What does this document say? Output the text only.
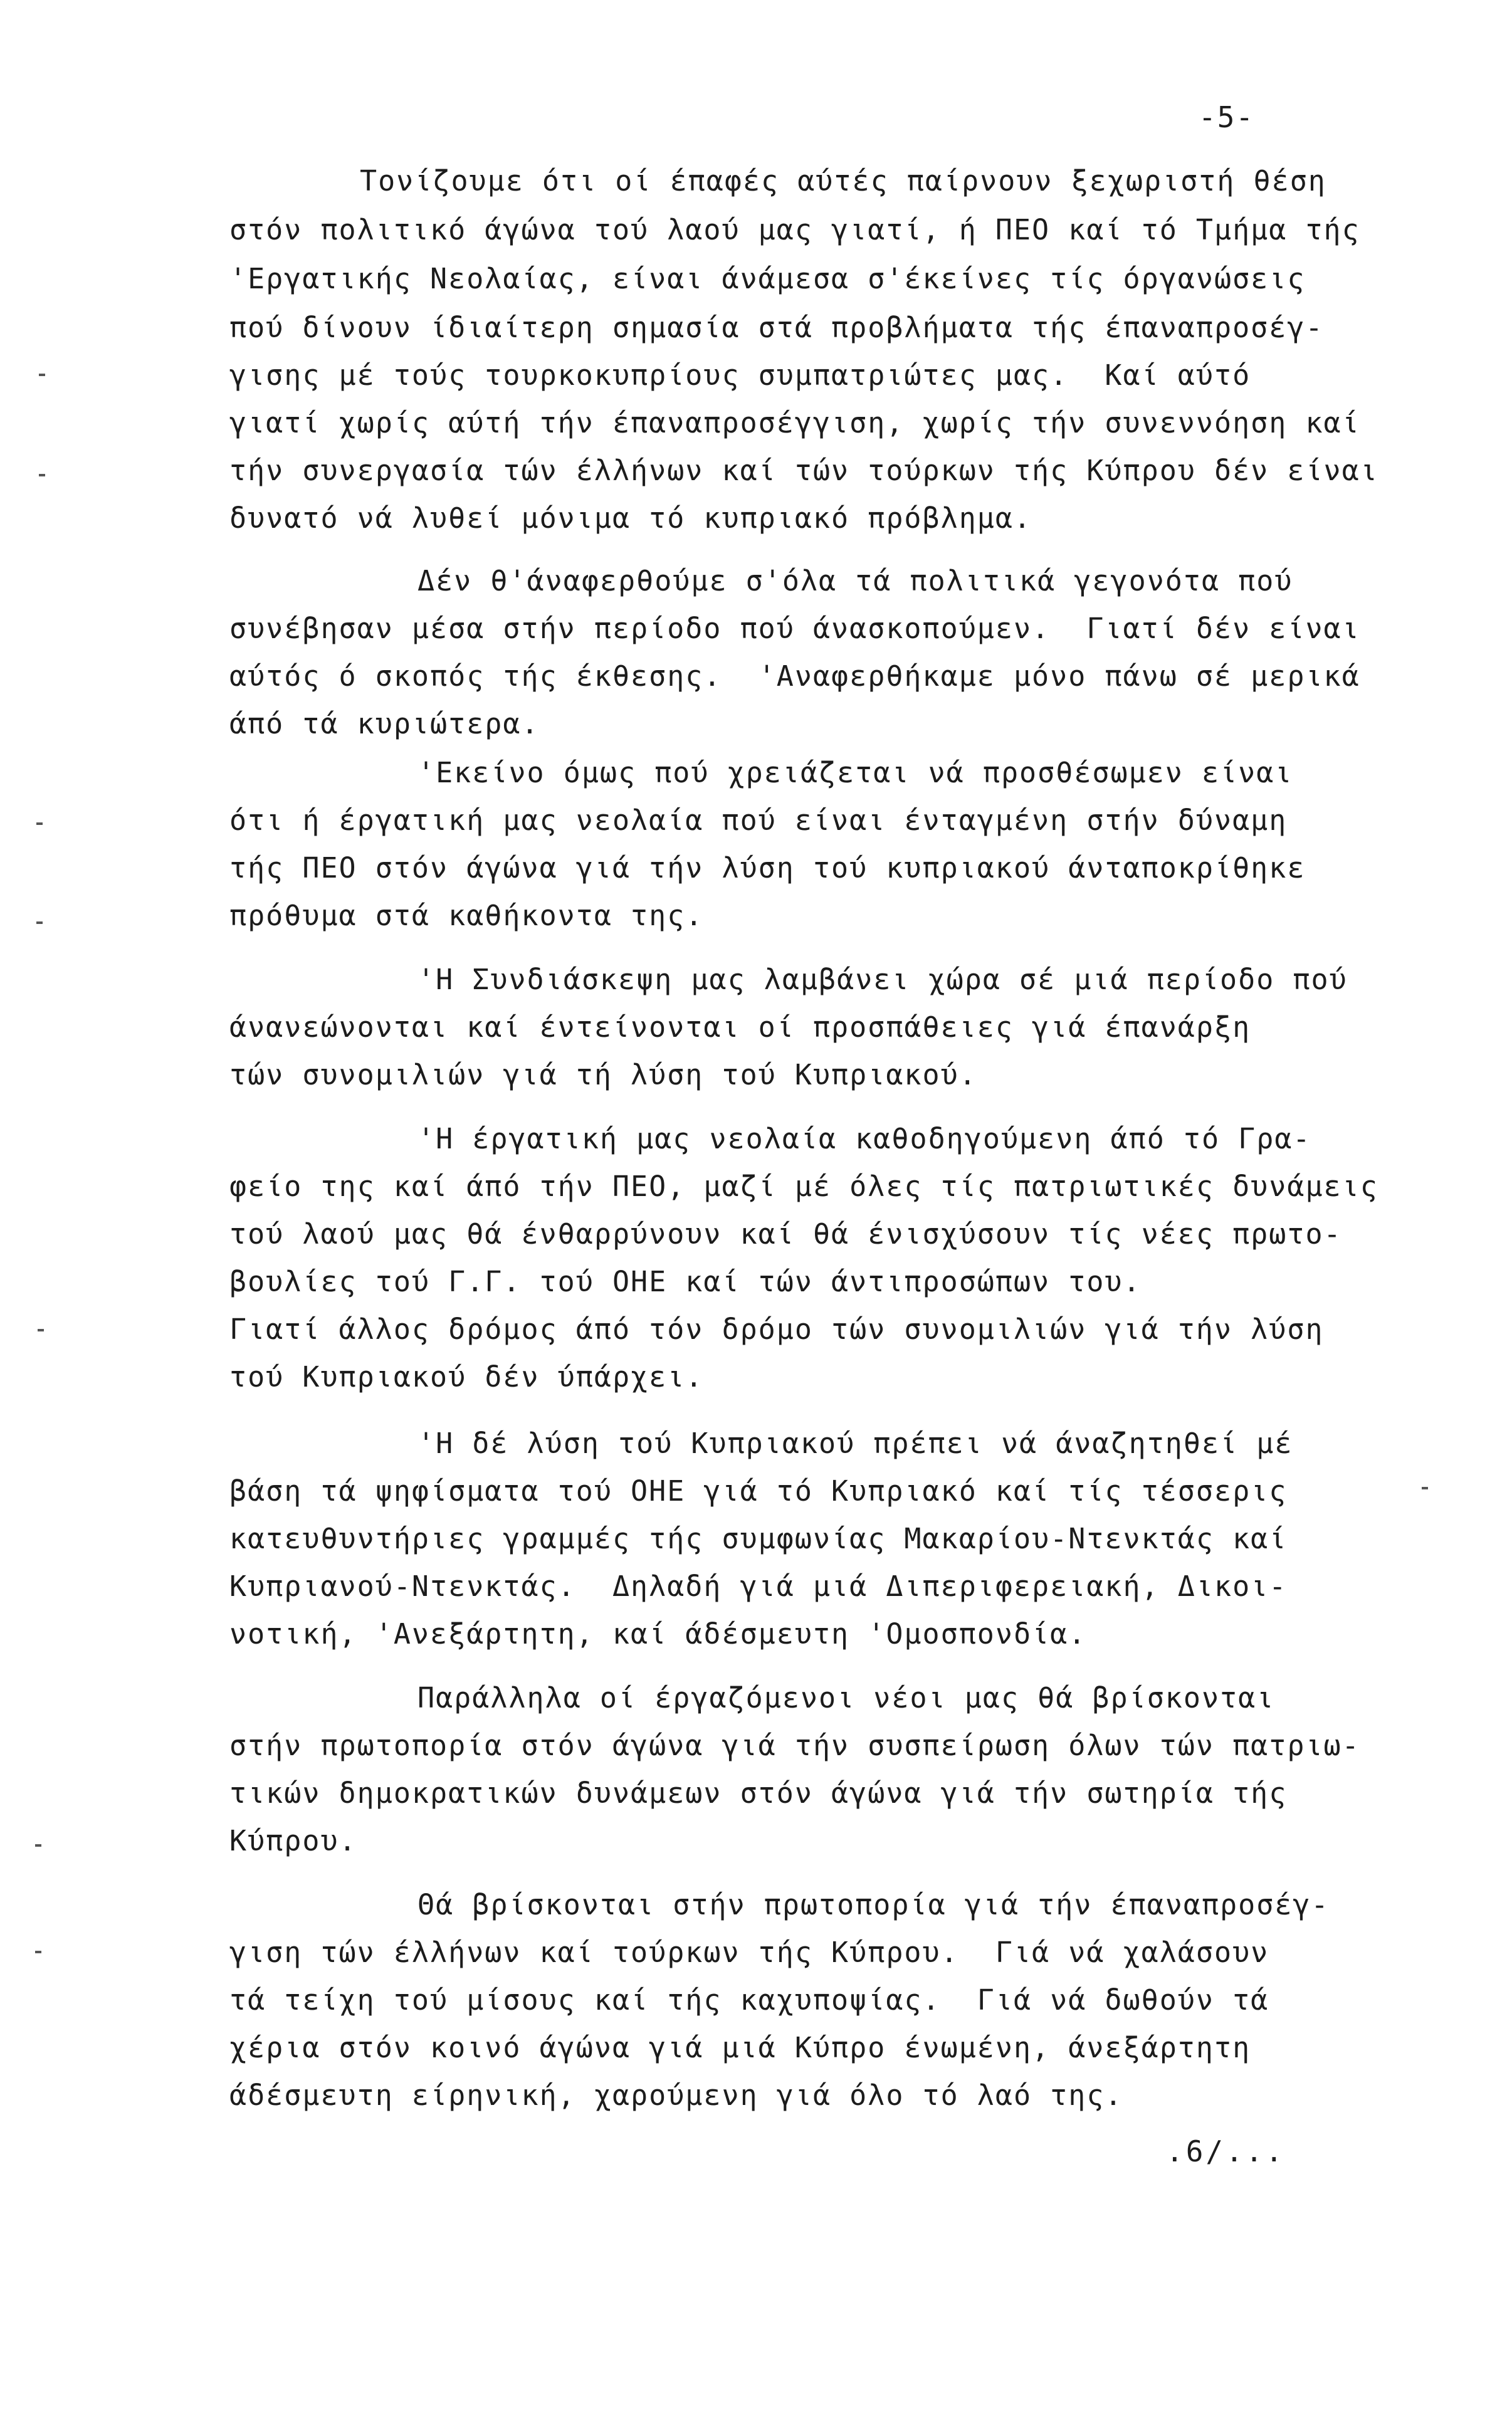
-5-
Τονίζουμε ότι οί έπαφές αύτές παίρνουν ξεχωριστή θέση
στόν πολιτικό άγώνα τού λαού μας γιατί, ή ΠΕΟ καί τό Τμήμα τής
'Εργατικής Νεολαίας, είναι άνάμεσα σ'έκείνες τίς όργανώσεις
πού δίνουν ίδιαίτερη σημασία στά προβλήματα τής έπαναπροσέγ-
γισης μέ τούς τουρκοκυπρίους συμπατριώτες μας.  Καί αύτό
γιατί χωρίς αύτή τήν έπαναπροσέγγιση, χωρίς τήν συνεννόηση καί
τήν συνεργασία τών έλλήνων καί τών τούρκων τής Κύπρου δέν είναι
δυνατό νά λυθεί μόνιμα τό κυπριακό πρόβλημα.
Δέν θ'άναφερθούμε σ'όλα τά πολιτικά γεγονότα πού
συνέβησαν μέσα στήν περίοδο πού άνασκοπούμεν.  Γιατί δέν είναι
αύτός ό σκοπός τής έκθεσης.  'Αναφερθήκαμε μόνο πάνω σέ μερικά
άπό τά κυριώτερα.
'Εκείνο όμως πού χρειάζεται νά προσθέσωμεν είναι
ότι ή έργατική μας νεολαία πού είναι ένταγμένη στήν δύναμη
τής ΠΕΟ στόν άγώνα γιά τήν λύση τού κυπριακού άνταποκρίθηκε
πρόθυμα στά καθήκοντα της.
'Η Συνδιάσκεψη μας λαμβάνει χώρα σέ μιά περίοδο πού
άνανεώνονται καί έντείνονται οί προσπάθειες γιά έπανάρξη
τών συνομιλιών γιά τή λύση τού Κυπριακού.
'Η έργατική μας νεολαία καθοδηγούμενη άπό τό Γρα-
φείο της καί άπό τήν ΠΕΟ, μαζί μέ όλες τίς πατριωτικές δυνάμεις
τού λαού μας θά ένθαρρύνουν καί θά ένισχύσουν τίς νέες πρωτο-
βουλίες τού Γ.Γ. τού ΟΗΕ καί τών άντιπροσώπων του.
Γιατί άλλος δρόμος άπό τόν δρόμο τών συνομιλιών γιά τήν λύση
τού Κυπριακού δέν ύπάρχει.
'Η δέ λύση τού Κυπριακού πρέπει νά άναζητηθεί μέ
βάση τά ψηφίσματα τού ΟΗΕ γιά τό Κυπριακό καί τίς τέσσερις
κατευθυντήριες γραμμές τής συμφωνίας Μακαρίου-Ντενκτάς καί
Κυπριανού-Ντενκτάς.  Δηλαδή γιά μιά Διπεριφερειακή, Δικοι-
νοτική, 'Ανεξάρτητη, καί άδέσμευτη 'Ομοσπονδία.
Παράλληλα οί έργαζόμενοι νέοι μας θά βρίσκονται
στήν πρωτοπορία στόν άγώνα γιά τήν συσπείρωση όλων τών πατριω-
τικών δημοκρατικών δυνάμεων στόν άγώνα γιά τήν σωτηρία τής
Κύπρου.
Θά βρίσκονται στήν πρωτοπορία γιά τήν έπαναπροσέγ-
γιση τών έλλήνων καί τούρκων τής Κύπρου.  Γιά νά χαλάσουν
τά τείχη τού μίσους καί τής καχυποψίας.  Γιά νά δωθούν τά
χέρια στόν κοινό άγώνα γιά μιά Κύπρο ένωμένη, άνεξάρτητη
άδέσμευτη είρηνική, χαρούμενη γιά όλο τό λαό της.
.6/...
